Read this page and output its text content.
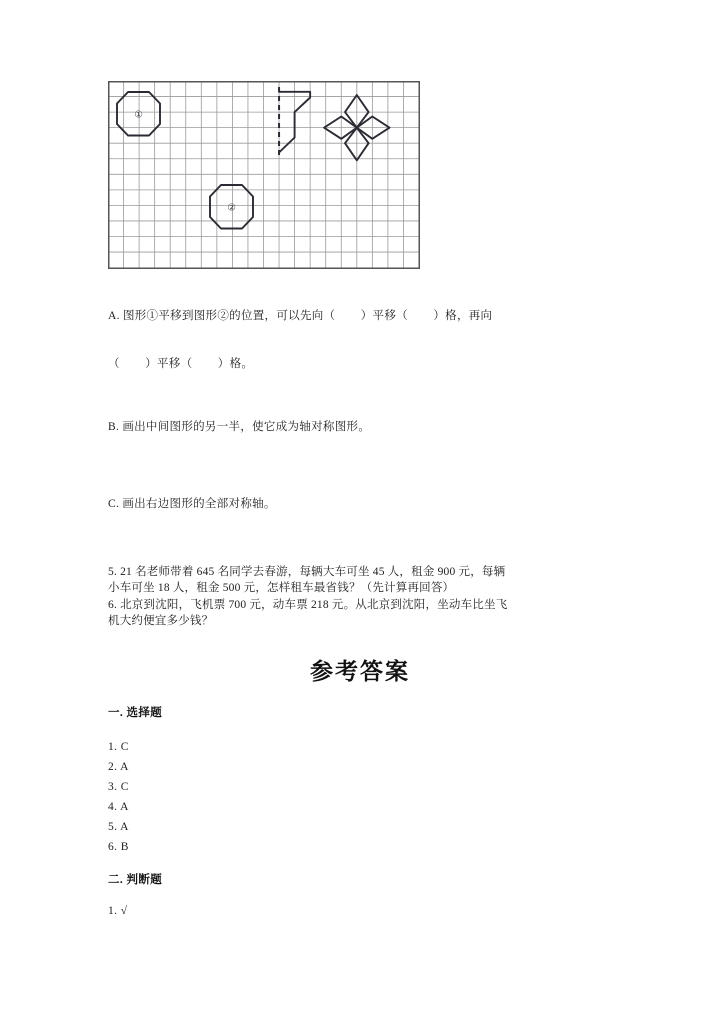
①
②
A. 图形①平移到图形②的位置，可以先向（        ）平移（        ）格，再向
（        ）平移（        ）格。
B. 画出中间图形的另一半，使它成为轴对称图形。
C. 画出右边图形的全部对称轴。
5. 21 名老师带着 645 名同学去春游，每辆大车可坐 45 人，租金 900 元，每辆
小车可坐 18 人，租金 500 元，怎样租车最省钱？（先计算再回答）
6. 北京到沈阳，飞机票 700 元，动车票 218 元。从北京到沈阳，坐动车比坐飞
机大约便宜多少钱？
参考答案
一. 选择题
1. C
2. A
3. C
4. A
5. A
6. B
二. 判断题
1. √
